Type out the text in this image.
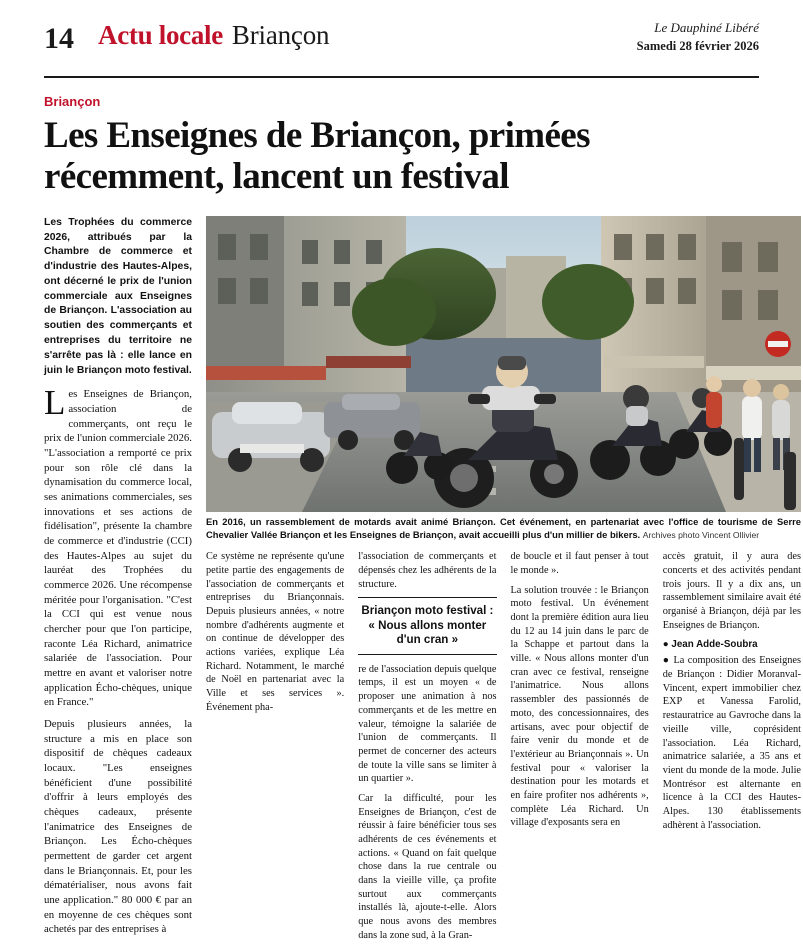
14 Actu locale Briançon	Le Dauphiné Libéré
Samedi 28 février 2026
Briançon
Les Enseignes de Briançon, primées récemment, lancent un festival
Les Trophées du commerce 2026, attribués par la Chambre de commerce et d'industrie des Hautes-Alpes, ont décerné le prix de l'union commerciale aux Enseignes de Briançon. L'association au soutien des commerçants et entreprises du territoire ne s'arrête pas là : elle lance en juin le Briançon moto festival.

Les Enseignes de Briançon, association de commerçants, ont reçu le prix de l'union commerciale 2026. "L'association a remporté ce prix pour son rôle clé dans la dynamisation du commerce local, ses animations commerciales, ses innovations et ses actions de fidélisation", présente la chambre de commerce et d'industrie (CCI) des Hautes-Alpes au sujet du lauréat des Trophées du commerce 2026. Une récompense méritée pour l'organisation. "C'est la CCI qui est venue nous chercher pour que l'on participe, raconte Léa Richard, animatrice salariée de l'association. Pour mettre en avant et valoriser notre application Écho-chèques, unique en France."

Depuis plusieurs années, la structure a mis en place son dispositif de chèques cadeaux locaux. "Les enseignes bénéficient d'une possibilité d'offrir à leurs employés des chèques cadeaux, présente l'animatrice des Enseignes de Briançon. Les Écho-chèques permettent de garder cet argent dans le Briançonnais. Et, pour les dématérialiser, nous avons fait une application." 80 000 € par an en moyenne de ces chèques sont achetés par des entreprises à

En 2016, un rassemblement de motards avait animé Briançon. Cet événement, en partenariat avec l'office de tourisme de Serre Chevalier Vallée Briançon et les Enseignes de Briançon, avait accueilli plus d'un millier de bikers. Archives photo Vincent Ollivier

Ce système ne représente qu'une petite partie des engagements de l'association de commerçants et entreprises du Briançonnais. Depuis plusieurs années, « notre nombre d'adhérents augmente et on continue de développer des actions variées, explique Léa Richard. Notamment, le marché de Noël en partenariat avec la Ville et ses services ». Événement pha-

l'association de commerçants et dépensés chez les adhérents de la structure.

Briançon moto festival : « Nous allons monter d'un cran »

re de l'association depuis quelque temps, il est un moyen « de proposer une animation à nos commerçants et de les mettre en valeur, témoigne la salariée de l'union de commerçants. Il permet de concerner des acteurs de toute la ville sans se limiter à un quartier ».

Car la difficulté, pour les Enseignes de Briançon, c'est de réussir à faire bénéficier tous ses adhérents de ces événements et actions. « Quand on fait quelque chose dans la rue centrale ou dans la vieille ville, ça profite surtout aux commerçants installés là, ajoute-t-elle. Alors que nous avons des membres dans la zone sud, à la Gran-

de boucle et il faut penser à tout le monde ».

La solution trouvée : le Briançon moto festival. Un événement dont la première édition aura lieu du 12 au 14 juin dans le parc de la Schappe et partout dans la ville. « Nous allons monter d'un cran avec ce festival, renseigne l'animatrice. Nous allons rassembler des passionnés de moto, des concessionnaires, des artisans, avec pour objectif de faire venir du monde et de l'extérieur au Briançonnais ». Un festival pour « valoriser la destination pour les motards et en faire profiter nos adhérents », complète Léa Richard. Un village d'exposants sera en

accès gratuit, il y aura des concerts et des activités pendant trois jours. Il y a dix ans, un rassemblement similaire avait été organisé à Briançon, déjà par les Enseignes de Briançon.

● Jean Adde-Soubra
● La composition des Enseignes de Briançon : Didier Moranval-Vincent, expert immobilier chez EXP et Vanessa Farolid, restauratrice au Gavroche dans la vieille ville, coprésident l'association. Léa Richard, animatrice salariée, a 35 ans et vient du monde de la mode. Julie Montrésor est alternante en licence à la CCI des Hautes-Alpes. 130 établissements adhèrent à l'association.
